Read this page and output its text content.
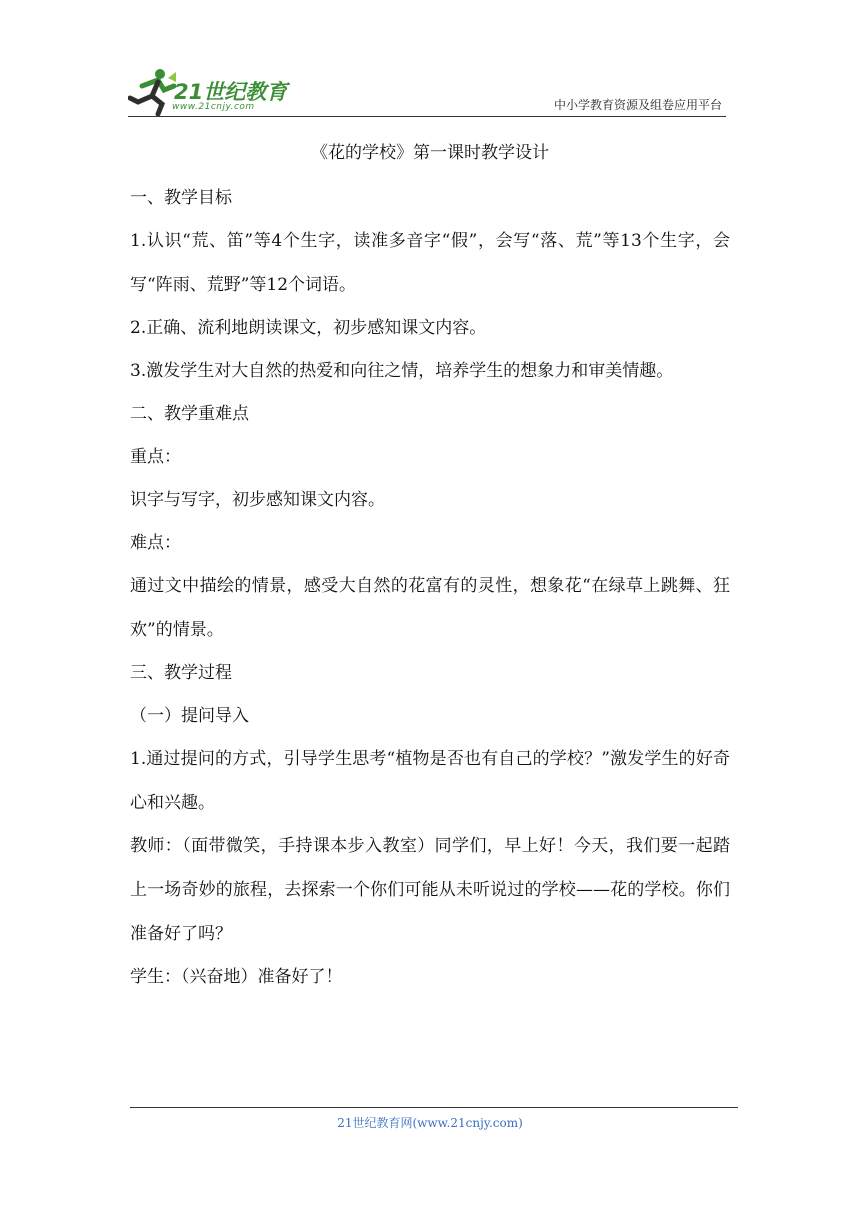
21世纪教育
www.21cnjy.com	中小学教育资源及组卷应用平台
《花的学校》第一课时教学设计
一、教学目标
1.认识“荒、笛”等4个生字，读准多音字“假”，会写“落、荒”等13个生字，会写“阵雨、荒野”等12个词语。
2.正确、流利地朗读课文，初步感知课文内容。
3.激发学生对大自然的热爱和向往之情，培养学生的想象力和审美情趣。
二、教学重难点
重点：
识字与写字，初步感知课文内容。
难点：
通过文中描绘的情景，感受大自然的花富有的灵性，想象花“在绿草上跳舞、狂欢”的情景。
三、教学过程
（一）提问导入
1.通过提问的方式，引导学生思考“植物是否也有自己的学校？”激发学生的好奇心和兴趣。
教师：（面带微笑，手持课本步入教室）同学们，早上好！今天，我们要一起踏上一场奇妙的旅程，去探索一个你们可能从未听说过的学校——花的学校。你们准备好了吗？
学生：（兴奋地）准备好了！
21世纪教育网(www.21cnjy.com)
